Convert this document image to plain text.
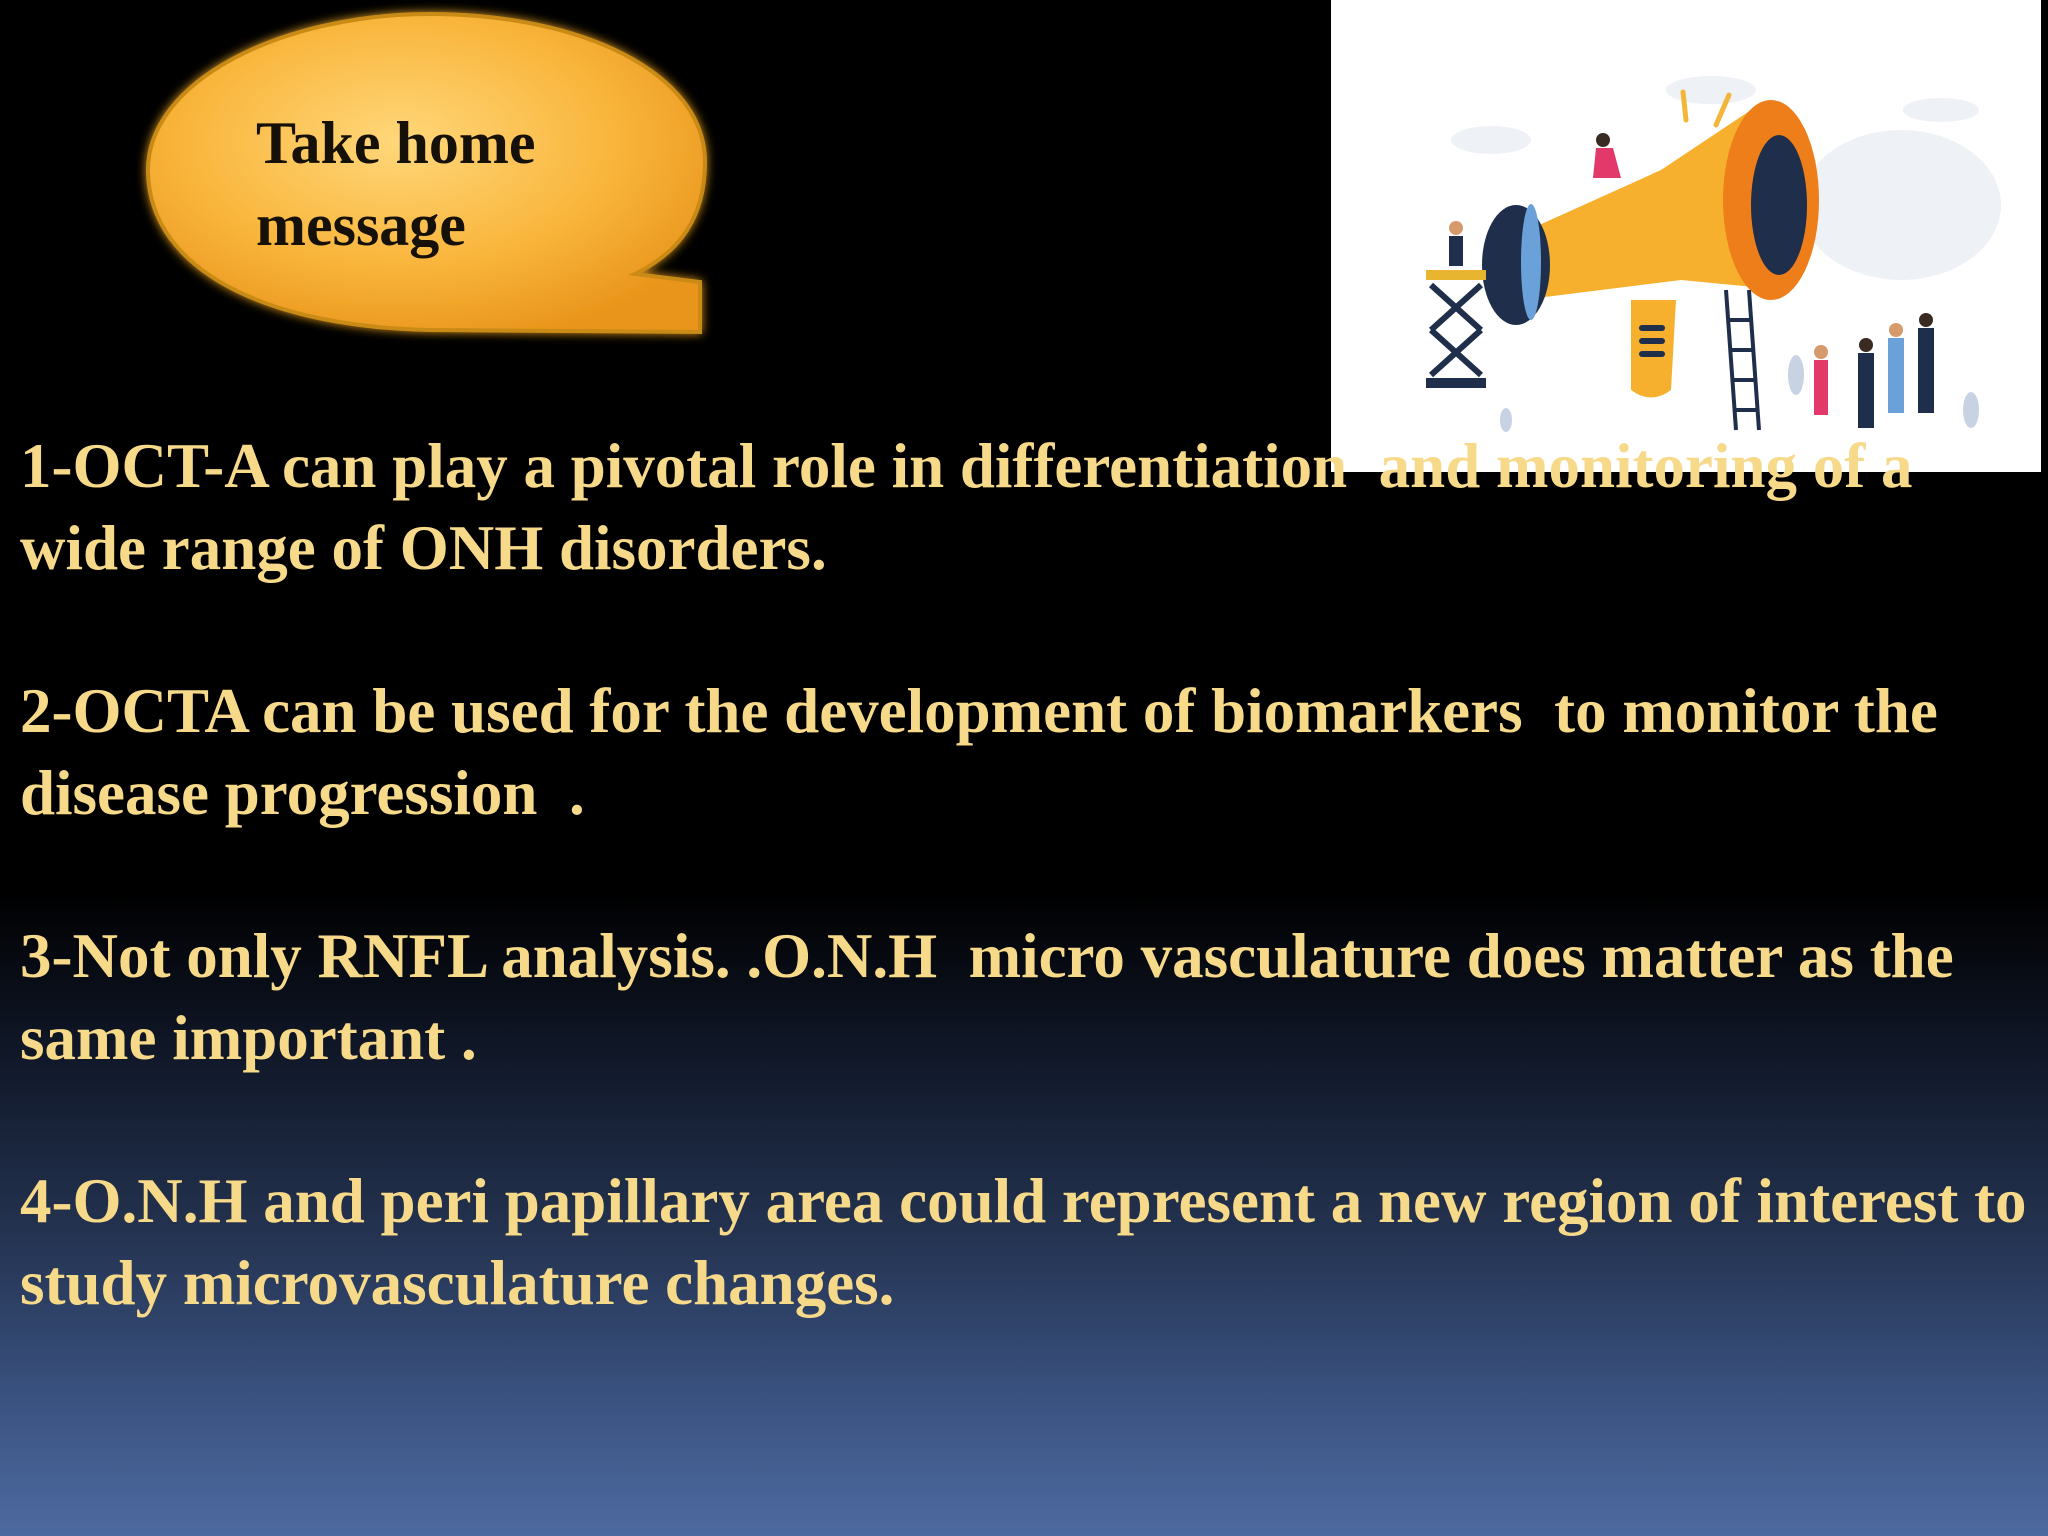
Take home
message

1-OCT-A can play a pivotal role in differentiation  and monitoring of a wide range of ONH disorders.

2-OCTA can be used for the development of biomarkers  to monitor the disease progression  .

3-Not only RNFL analysis. .O.N.H  micro vasculature does matter as the same important .

4-O.N.H and peri papillary area could represent a new region of interest to study microvasculature changes.
